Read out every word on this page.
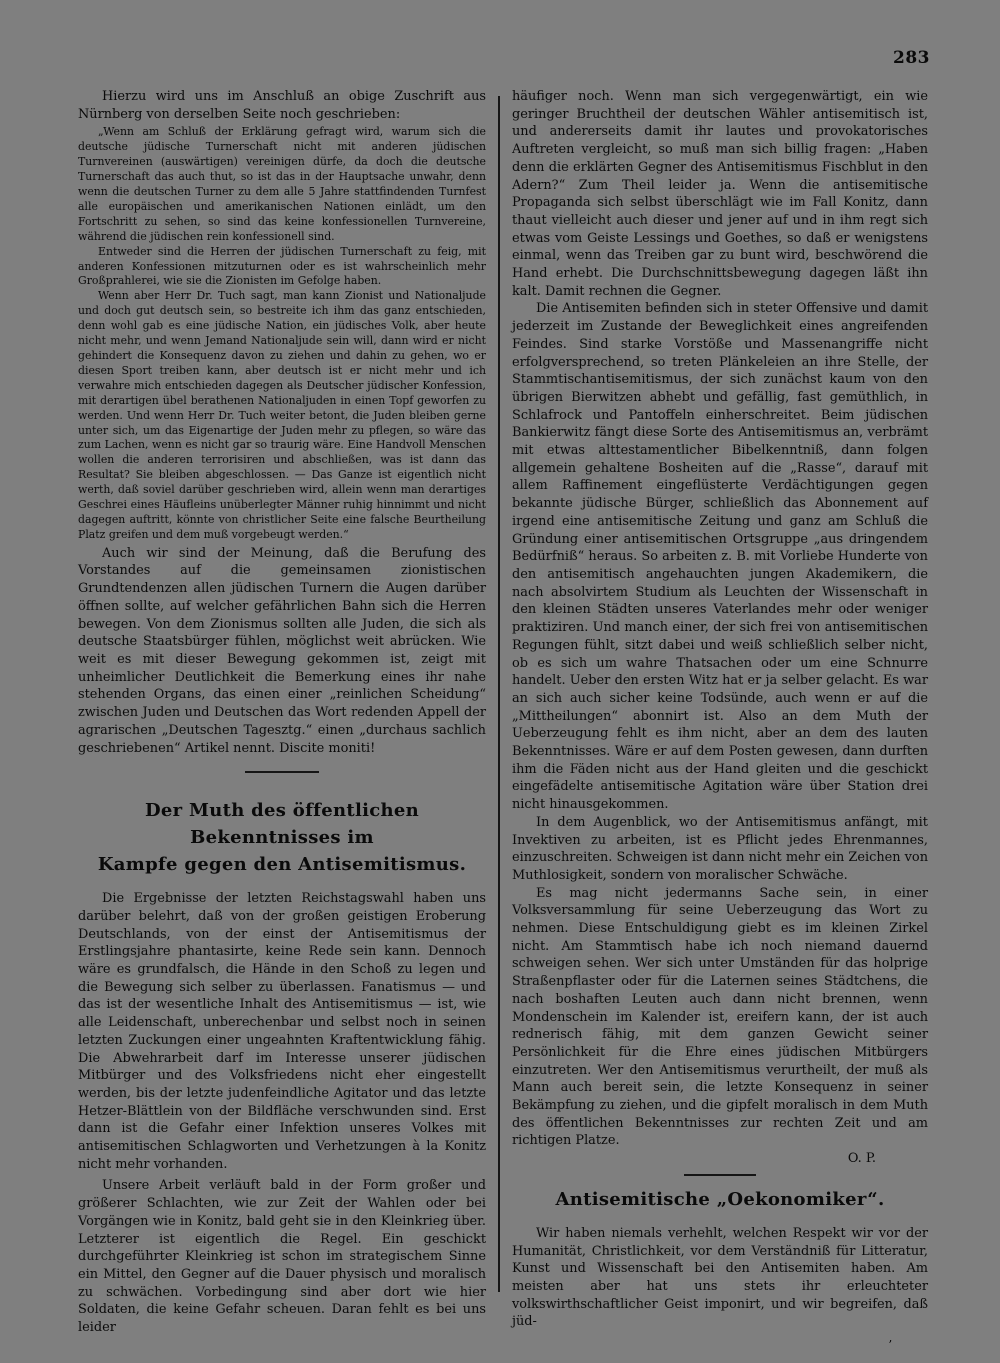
283

Hierzu wird uns im Anschluß an obige Zuschrift aus Nürnberg von derselben Seite noch geschrieben:

„Wenn am Schluß der Erklärung gefragt wird, warum sich die deutsche jüdische Turnerschaft nicht mit anderen jüdischen Turnvereinen (auswärtigen) vereinigen dürfe, da doch die deutsche Turnerschaft das auch thut, so ist das in der Hauptsache unwahr, denn wenn die deutschen Turner zu dem alle 5 Jahre stattfindenden Turnfest alle europäischen und amerikanischen Nationen einlädt, um den Fortschritt zu sehen, so sind das keine konfessionellen Turnvereine, während die jüdischen rein konfessionell sind.

Entweder sind die Herren der jüdischen Turnerschaft zu feig, mit anderen Konfessionen mitzuturnen oder es ist wahrscheinlich mehr Großprahlerei, wie sie die Zionisten im Gefolge haben.

Wenn aber Herr Dr. Tuch sagt, man kann Zionist und Nationaljude und doch gut deutsch sein, so bestreite ich ihm das ganz entschieden, denn wohl gab es eine jüdische Nation, ein jüdisches Volk, aber heute nicht mehr, und wenn Jemand Nationaljude sein will, dann wird er nicht gehindert die Konsequenz davon zu ziehen und dahin zu gehen, wo er diesen Sport treiben kann, aber deutsch ist er nicht mehr und ich verwahre mich entschieden dagegen als Deutscher jüdischer Konfession, mit derartigen übel berathenen Nationaljuden in einen Topf geworfen zu werden. Und wenn Herr Dr. Tuch weiter betont, die Juden bleiben gerne unter sich, um das Eigenartige der Juden mehr zu pflegen, so wäre das zum Lachen, wenn es nicht gar so traurig wäre. Eine Handvoll Menschen wollen die anderen terrorisiren und abschließen, was ist dann das Resultat? Sie bleiben abgeschlossen. — Das Ganze ist eigentlich nicht werth, daß soviel darüber geschrieben wird, allein wenn man derartiges Geschrei eines Häufleins unüberlegter Männer ruhig hinnimmt und nicht dagegen auftritt, könnte von christlicher Seite eine falsche Beurtheilung Platz greifen und dem muß vorgebeugt werden.“

Auch wir sind der Meinung, daß die Berufung des Vorstandes auf die gemeinsamen zionistischen Grundtendenzen allen jüdischen Turnern die Augen darüber öffnen sollte, auf welcher gefährlichen Bahn sich die Herren bewegen. Von dem Zionismus sollten alle Juden, die sich als deutsche Staatsbürger fühlen, möglichst weit abrücken. Wie weit es mit dieser Bewegung gekommen ist, zeigt mit unheimlicher Deutlichkeit die Bemerkung eines ihr nahe stehenden Organs, das einen einer „reinlichen Scheidung“ zwischen Juden und Deutschen das Wort redenden Appell der agrarischen „Deutschen Tagesztg.“ einen „durchaus sachlich geschriebenen“ Artikel nennt. Discite moniti!

Der Muth des öffentlichen Bekenntnisses im
Kampfe gegen den Antisemitismus.

Die Ergebnisse der letzten Reichstagswahl haben uns darüber belehrt, daß von der großen geistigen Eroberung Deutschlands, von der einst der Antisemitismus der Erstlingsjahre phantasirte, keine Rede sein kann. Dennoch wäre es grundfalsch, die Hände in den Schoß zu legen und die Bewegung sich selber zu überlassen. Fanatismus — und das ist der wesentliche Inhalt des Antisemitismus — ist, wie alle Leidenschaft, unberechenbar und selbst noch in seinen letzten Zuckungen einer ungeahnten Kraftentwicklung fähig. Die Abwehrarbeit darf im Interesse unserer jüdischen Mitbürger und des Volksfriedens nicht eher eingestellt werden, bis der letzte judenfeindliche Agitator und das letzte Hetzer-Blättlein von der Bildfläche verschwunden sind. Erst dann ist die Gefahr einer Infektion unseres Volkes mit antisemitischen Schlagworten und Verhetzungen à la Konitz nicht mehr vorhanden.

Unsere Arbeit verläuft bald in der Form großer und größerer Schlachten, wie zur Zeit der Wahlen oder bei Vorgängen wie in Konitz, bald geht sie in den Kleinkrieg über. Letzterer ist eigentlich die Regel. Ein geschickt durchgeführter Kleinkrieg ist schon im strategischem Sinne ein Mittel, den Gegner auf die Dauer physisch und moralisch zu schwächen. Vorbedingung sind aber dort wie hier Soldaten, die keine Gefahr scheuen. Daran fehlt es bei uns leider

häufiger noch. Wenn man sich vergegenwärtigt, ein wie geringer Bruchtheil der deutschen Wähler antisemitisch ist, und andererseits damit ihr lautes und provokatorisches Auftreten vergleicht, so muß man sich billig fragen: „Haben denn die erklärten Gegner des Antisemitismus Fischblut in den Adern?“ Zum Theil leider ja. Wenn die antisemitische Propaganda sich selbst überschlägt wie im Fall Konitz, dann thaut vielleicht auch dieser und jener auf und in ihm regt sich etwas vom Geiste Lessings und Goethes, so daß er wenigstens einmal, wenn das Treiben gar zu bunt wird, beschwörend die Hand erhebt. Die Durchschnittsbewegung dagegen läßt ihn kalt. Damit rechnen die Gegner.

Die Antisemiten befinden sich in steter Offensive und damit jederzeit im Zustande der Beweglichkeit eines angreifenden Feindes. Sind starke Vorstöße und Massenangriffe nicht erfolgversprechend, so treten Plänkeleien an ihre Stelle, der Stammtischantisemitismus, der sich zunächst kaum von den übrigen Bierwitzen abhebt und gefällig, fast gemüthlich, in Schlafrock und Pantoffeln einherschreitet. Beim jüdischen Bankierwitz fängt diese Sorte des Antisemitismus an, verbrämt mit etwas alttestamentlicher Bibelkenntniß, dann folgen allgemein gehaltene Bosheiten auf die „Rasse“, darauf mit allem Raffinement eingeflüsterte Verdächtigungen gegen bekannte jüdische Bürger, schließlich das Abonnement auf irgend eine antisemitische Zeitung und ganz am Schluß die Gründung einer antisemitischen Ortsgruppe „aus dringendem Bedürfniß“ heraus. So arbeiten z. B. mit Vorliebe Hunderte von den antisemitisch angehauchten jungen Akademikern, die nach absolvirtem Studium als Leuchten der Wissenschaft in den kleinen Städten unseres Vaterlandes mehr oder weniger praktiziren. Und manch einer, der sich frei von antisemitischen Regungen fühlt, sitzt dabei und weiß schließlich selber nicht, ob es sich um wahre Thatsachen oder um eine Schnurre handelt. Ueber den ersten Witz hat er ja selber gelacht. Es war an sich auch sicher keine Todsünde, auch wenn er auf die „Mittheilungen“ abonnirt ist. Also an dem Muth der Ueberzeugung fehlt es ihm nicht, aber an dem des lauten Bekenntnisses. Wäre er auf dem Posten gewesen, dann durften ihm die Fäden nicht aus der Hand gleiten und die geschickt eingefädelte antisemitische Agitation wäre über Station drei nicht hinausgekommen.

In dem Augenblick, wo der Antisemitismus anfängt, mit Invektiven zu arbeiten, ist es Pflicht jedes Ehrenmannes, einzuschreiten. Schweigen ist dann nicht mehr ein Zeichen von Muthlosigkeit, sondern von moralischer Schwäche.

Es mag nicht jedermanns Sache sein, in einer Volksversammlung für seine Ueberzeugung das Wort zu nehmen. Diese Entschuldigung giebt es im kleinen Zirkel nicht. Am Stammtisch habe ich noch niemand dauernd schweigen sehen. Wer sich unter Umständen für das holprige Straßenpflaster oder für die Laternen seines Städtchens, die nach boshaften Leuten auch dann nicht brennen, wenn Mondenschein im Kalender ist, ereifern kann, der ist auch rednerisch fähig, mit dem ganzen Gewicht seiner Persönlichkeit für die Ehre eines jüdischen Mitbürgers einzutreten. Wer den Antisemitismus verurtheilt, der muß als Mann auch bereit sein, die letzte Konsequenz in seiner Bekämpfung zu ziehen, und die gipfelt moralisch in dem Muth des öffentlichen Bekenntnisses zur rechten Zeit und am richtigen Platze.

O. P.

Antisemitische „Oekonomiker“.

Wir haben niemals verhehlt, welchen Respekt wir vor der Humanität, Christlichkeit, vor dem Verständniß für Litteratur, Kunst und Wissenschaft bei den Antisemiten haben. Am meisten aber hat uns stets ihr erleuchteter volkswirthschaftlicher Geist imponirt, und wir begreifen, daß jüd-

ʼ
